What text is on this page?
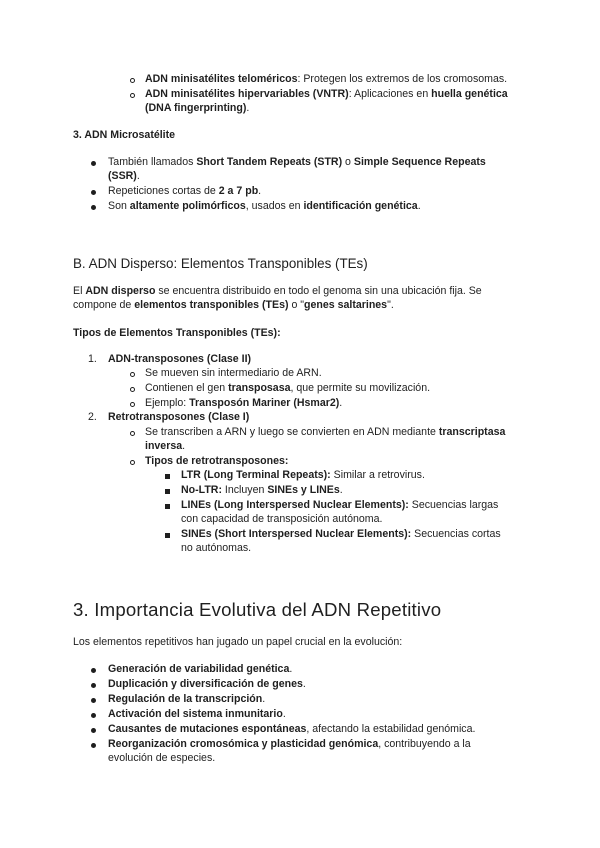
ADN minisatélites teloméricos: Protegen los extremos de los cromosomas.
ADN minisatélites hipervariables (VNTR): Aplicaciones en huella genética
(DNA fingerprinting).
3. ADN Microsatélite
También llamados Short Tandem Repeats (STR) o Simple Sequence Repeats
(SSR).
Repeticiones cortas de 2 a 7 pb.
Son altamente polimórficos, usados en identificación genética.
B. ADN Disperso: Elementos Transponibles (TEs)
El ADN disperso se encuentra distribuido en todo el genoma sin una ubicación fija. Se
compone de elementos transponibles (TEs) o "genes saltarines".
Tipos de Elementos Transponibles (TEs):
1. ADN-transposones (Clase II)
Se mueven sin intermediario de ARN.
Contienen el gen transposasa, que permite su movilización.
Ejemplo: Transposón Mariner (Hsmar2).
2. Retrotransposones (Clase I)
Se transcriben a ARN y luego se convierten en ADN mediante transcriptasa
inversa.
Tipos de retrotransposones:
LTR (Long Terminal Repeats): Similar a retrovirus.
No-LTR: Incluyen SINEs y LINEs.
LINEs (Long Interspersed Nuclear Elements): Secuencias largas
con capacidad de transposición autónoma.
SINEs (Short Interspersed Nuclear Elements): Secuencias cortas
no autónomas.
3. Importancia Evolutiva del ADN Repetitivo
Los elementos repetitivos han jugado un papel crucial en la evolución:
Generación de variabilidad genética.
Duplicación y diversificación de genes.
Regulación de la transcripción.
Activación del sistema inmunitario.
Causantes de mutaciones espontáneas, afectando la estabilidad genómica.
Reorganización cromosómica y plasticidad genómica, contribuyendo a la
evolución de especies.
